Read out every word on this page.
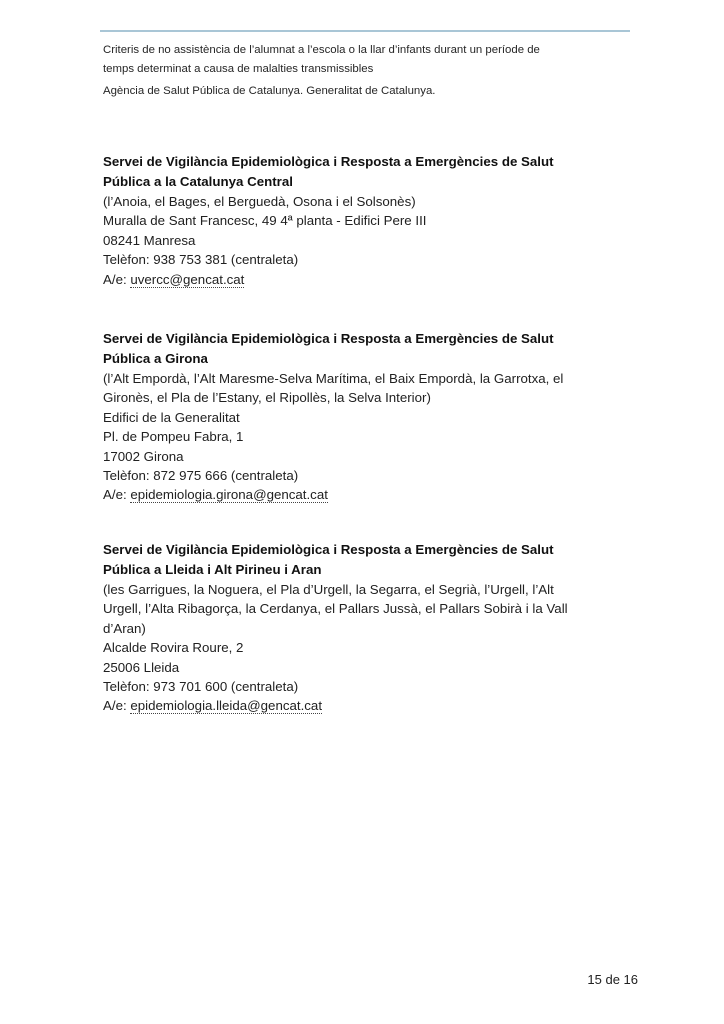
Criteris de no assistència de l’alumnat a l’escola o la llar d’infants durant un període de
temps determinat a causa de malalties transmissibles
Agència de Salut Pública de Catalunya. Generalitat de Catalunya.
Servei de Vigilància Epidemiològica i Resposta a Emergències de Salut
Pública a la Catalunya Central
(l’Anoia, el Bages, el Berguedà, Osona i el Solsonès)
Muralla de Sant Francesc, 49 4ª planta - Edifici Pere III
08241 Manresa
Telèfon: 938 753 381 (centraleta)
A/e: uvercc@gencat.cat
Servei de Vigilància Epidemiològica i Resposta a Emergències de Salut
Pública a Girona
(l’Alt Empordà, l’Alt Maresme-Selva Marítima, el Baix Empordà, la Garrotxa, el
Gironès, el Pla de l’Estany, el Ripollès, la Selva Interior)
Edifici de la Generalitat
Pl. de Pompeu Fabra, 1
17002 Girona
Telèfon: 872 975 666 (centraleta)
A/e: epidemiologia.girona@gencat.cat
Servei de Vigilància Epidemiològica i Resposta a Emergències de Salut
Pública a Lleida i Alt Pirineu i Aran
(les Garrigues, la Noguera, el Pla d’Urgell, la Segarra, el Segrià, l’Urgell, l’Alt
Urgell, l’Alta Ribagorça, la Cerdanya, el Pallars Jussà, el Pallars Sobirà i la Vall
d’Aran)
Alcalde Rovira Roure, 2
25006 Lleida
Telèfon: 973 701 600 (centraleta)
A/e: epidemiologia.lleida@gencat.cat
15 de 16
